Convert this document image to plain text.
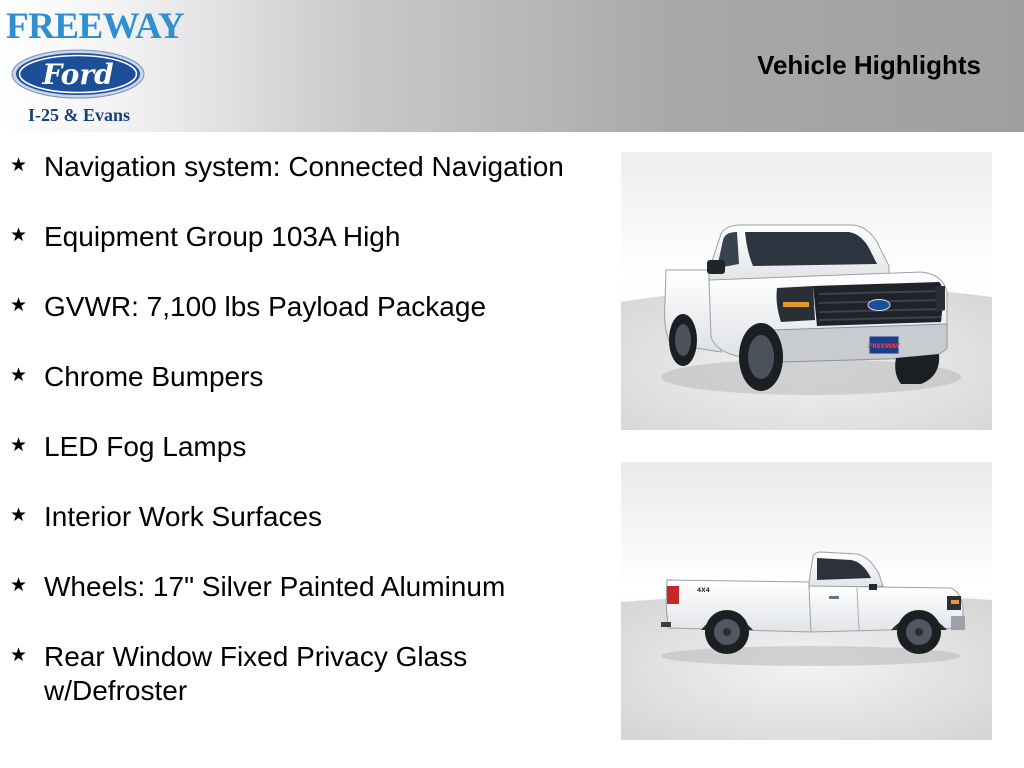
FREEWAY
Ford
I-25 & Evans
Vehicle Highlights
★ Navigation system: Connected Navigation
★ Equipment Group 103A High
★ GVWR: 7,100 lbs Payload Package
★ Chrome Bumpers
★ LED Fog Lamps
★ Interior Work Surfaces
★ Wheels: 17" Silver Painted Aluminum
★ Rear Window Fixed Privacy Glass w/Defroster
FREEWAY
4X4
